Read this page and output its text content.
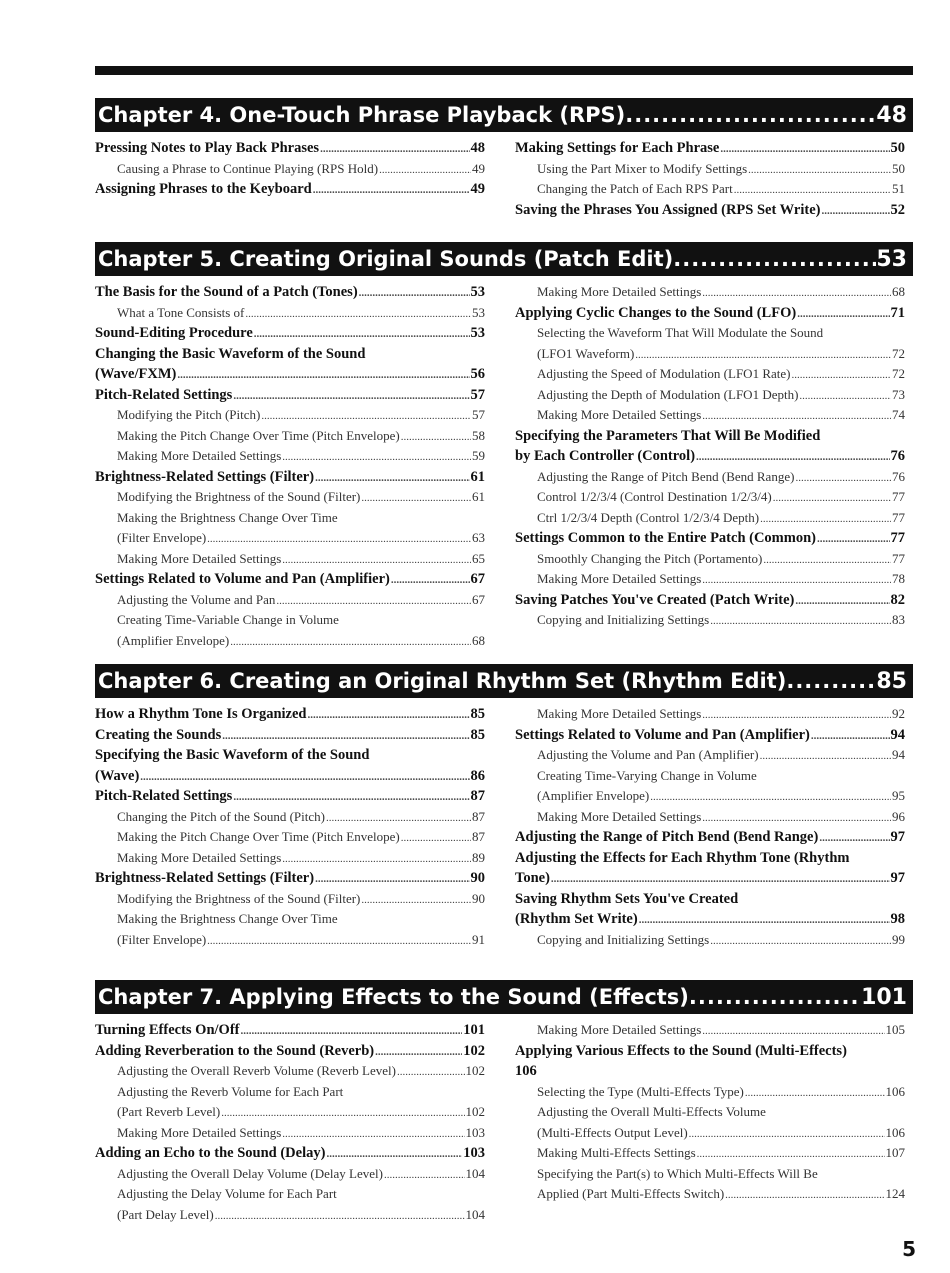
Chapter 4. One-Touch Phrase Playback (RPS) .....	48
Pressing Notes to Play Back Phrases .....	48
Causing a Phrase to Continue Playing (RPS Hold) .....	49
Assigning Phrases to the Keyboard .....	49
Making Settings for Each Phrase .....	50
Using the Part Mixer to Modify Settings .....	50
Changing the Patch of Each RPS Part .....	51
Saving the Phrases You Assigned (RPS Set Write) .....	52
Chapter 5. Creating Original Sounds (Patch Edit) .....	53
The Basis for the Sound of a Patch (Tones) .....	53
What a Tone Consists of .....	53
Sound-Editing Procedure .....	53
Changing the Basic Waveform of the Sound
(Wave/FXM) .....	56
Pitch-Related Settings .....	57
Modifying the Pitch (Pitch) .....	57
Making the Pitch Change Over Time (Pitch Envelope) .....	58
Making More Detailed Settings .....	59
Brightness-Related Settings (Filter) .....	61
Modifying the Brightness of the Sound (Filter) .....	61
Making the Brightness Change Over Time
(Filter Envelope) .....	63
Making More Detailed Settings .....	65
Settings Related to Volume and Pan (Amplifier) .....	67
Adjusting the Volume and Pan .....	67
Creating Time-Variable Change in Volume
(Amplifier Envelope) .....	68
Making More Detailed Settings .....	68
Applying Cyclic Changes to the Sound (LFO) .....	71
Selecting the Waveform That Will Modulate the Sound
(LFO1 Waveform) .....	72
Adjusting the Speed of Modulation (LFO1 Rate) .....	72
Adjusting the Depth of Modulation (LFO1 Depth) .....	73
Making More Detailed Settings .....	74
Specifying the Parameters That Will Be Modified
by Each Controller (Control) .....	76
Adjusting the Range of Pitch Bend (Bend Range) .....	76
Control 1/2/3/4 (Control Destination 1/2/3/4) .....	77
Ctrl 1/2/3/4 Depth (Control 1/2/3/4 Depth) .....	77
Settings Common to the Entire Patch (Common) .....	77
Smoothly Changing the Pitch (Portamento) .....	77
Making More Detailed Settings .....	78
Saving Patches You've Created (Patch Write) .....	82
Copying and Initializing Settings .....	83
Chapter 6. Creating an Original Rhythm Set (Rhythm Edit) .....	85
How a Rhythm Tone Is Organized .....	85
Creating the Sounds .....	85
Specifying the Basic Waveform of the Sound
(Wave) .....	86
Pitch-Related Settings .....	87
Changing the Pitch of the Sound (Pitch) .....	87
Making the Pitch Change Over Time (Pitch Envelope) .....	87
Making More Detailed Settings .....	89
Brightness-Related Settings (Filter) .....	90
Modifying the Brightness of the Sound (Filter) .....	90
Making the Brightness Change Over Time
(Filter Envelope) .....	91
Making More Detailed Settings .....	92
Settings Related to Volume and Pan (Amplifier) .....	94
Adjusting the Volume and Pan (Amplifier) .....	94
Creating Time-Varying Change in Volume
(Amplifier Envelope) .....	95
Making More Detailed Settings .....	96
Adjusting the Range of Pitch Bend (Bend Range) .....	97
Adjusting the Effects for Each Rhythm Tone (Rhythm
Tone) .....	97
Saving Rhythm Sets You've Created
(Rhythm Set Write) .....	98
Copying and Initializing Settings .....	99
Chapter 7. Applying Effects to the Sound (Effects) .....	101
Turning Effects On/Off .....	101
Adding Reverberation to the Sound (Reverb) .....	102
Adjusting the Overall Reverb Volume (Reverb Level) .....	102
Adjusting the Reverb Volume for Each Part
(Part Reverb Level) .....	102
Making More Detailed Settings .....	103
Adding an Echo to the Sound (Delay) .....	103
Adjusting the Overall Delay Volume (Delay Level) .....	104
Adjusting the Delay Volume for Each Part
(Part Delay Level) .....	104
Making More Detailed Settings .....	105
Applying Various Effects to the Sound (Multi-Effects)
106
Selecting the Type (Multi-Effects Type) .....	106
Adjusting the Overall Multi-Effects Volume
(Multi-Effects Output Level) .....	106
Making Multi-Effects Settings .....	107
Specifying the Part(s) to Which Multi-Effects Will Be
Applied (Part Multi-Effects Switch) .....	124
5
